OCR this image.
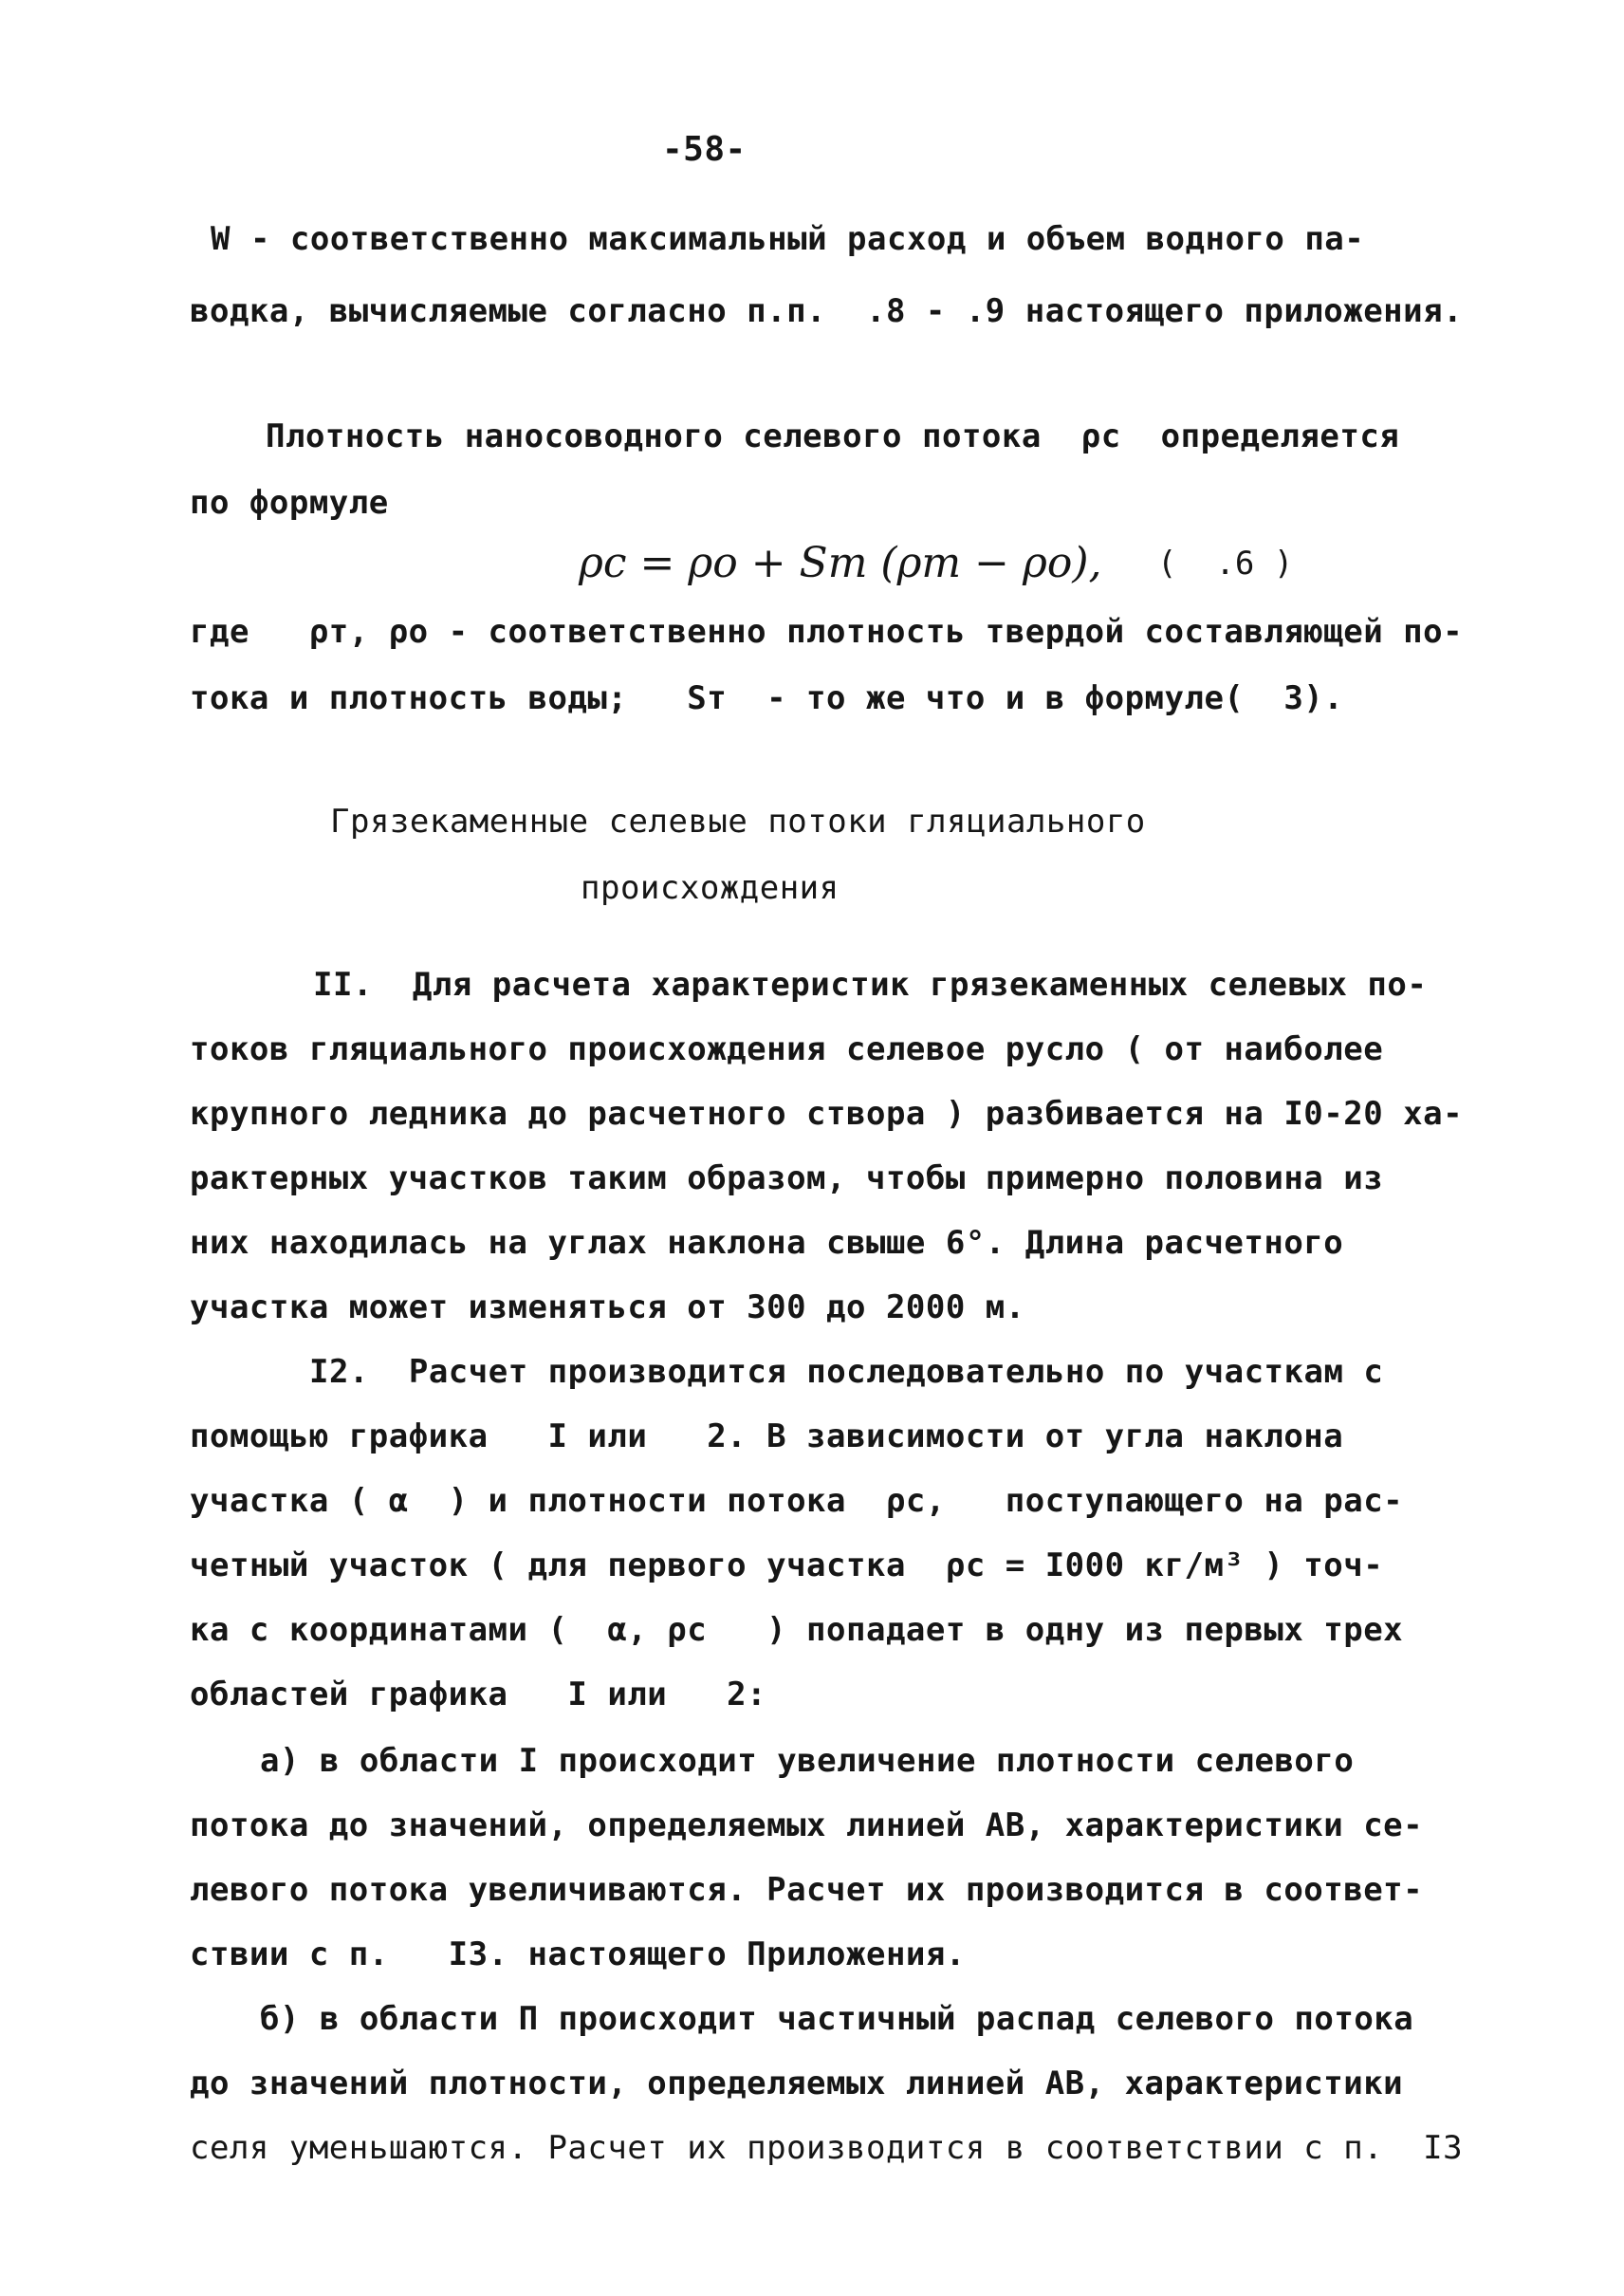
-58-
W - соответственно максимальный расход и объем водного па-
водка, вычисляемые согласно п.п.  .8 - .9 настоящего приложения.
Плотность наносоводного селевого потока  ρс  определяется
по формуле
ρс = ρо + Sт (ρт − ρо), (  .6 )
где   ρт, ρо - соответственно плотность твердой составляющей по-
тока и плотность воды;   Sт  - то же что и в формуле(  3).
Грязекаменные селевые потоки гляциального
происхождения
II.  Для расчета характеристик грязекаменных селевых по-
токов гляциального происхождения селевое русло ( от наиболее
крупного ледника до расчетного створа ) разбивается на I0-20 ха-
рактерных участков таким образом, чтобы примерно половина из
них находилась на углах наклона свыше 6°. Длина расчетного
участка может изменяться от 300 до 2000 м.
I2.  Расчет производится последовательно по участкам с
помощью графика   I или   2. В зависимости от угла наклона
участка ( α  ) и плотности потока  ρс,   поступающего на рас-
четный участок ( для первого участка  ρс = I000 кг/м³ ) точ-
ка с координатами (  α, ρс   ) попадает в одну из первых трех
областей графика   I или   2:
а) в области I происходит увеличение плотности селевого
потока до значений, определяемых линией АВ, характеристики се-
левого потока увеличиваются. Расчет их производится в соответ-
ствии с п.   I3. настоящего Приложения.
б) в области П происходит частичный распад селевого потока
до значений плотности, определяемых линией АВ, характеристики
селя уменьшаются. Расчет их производится в соответствии с п.  I3
